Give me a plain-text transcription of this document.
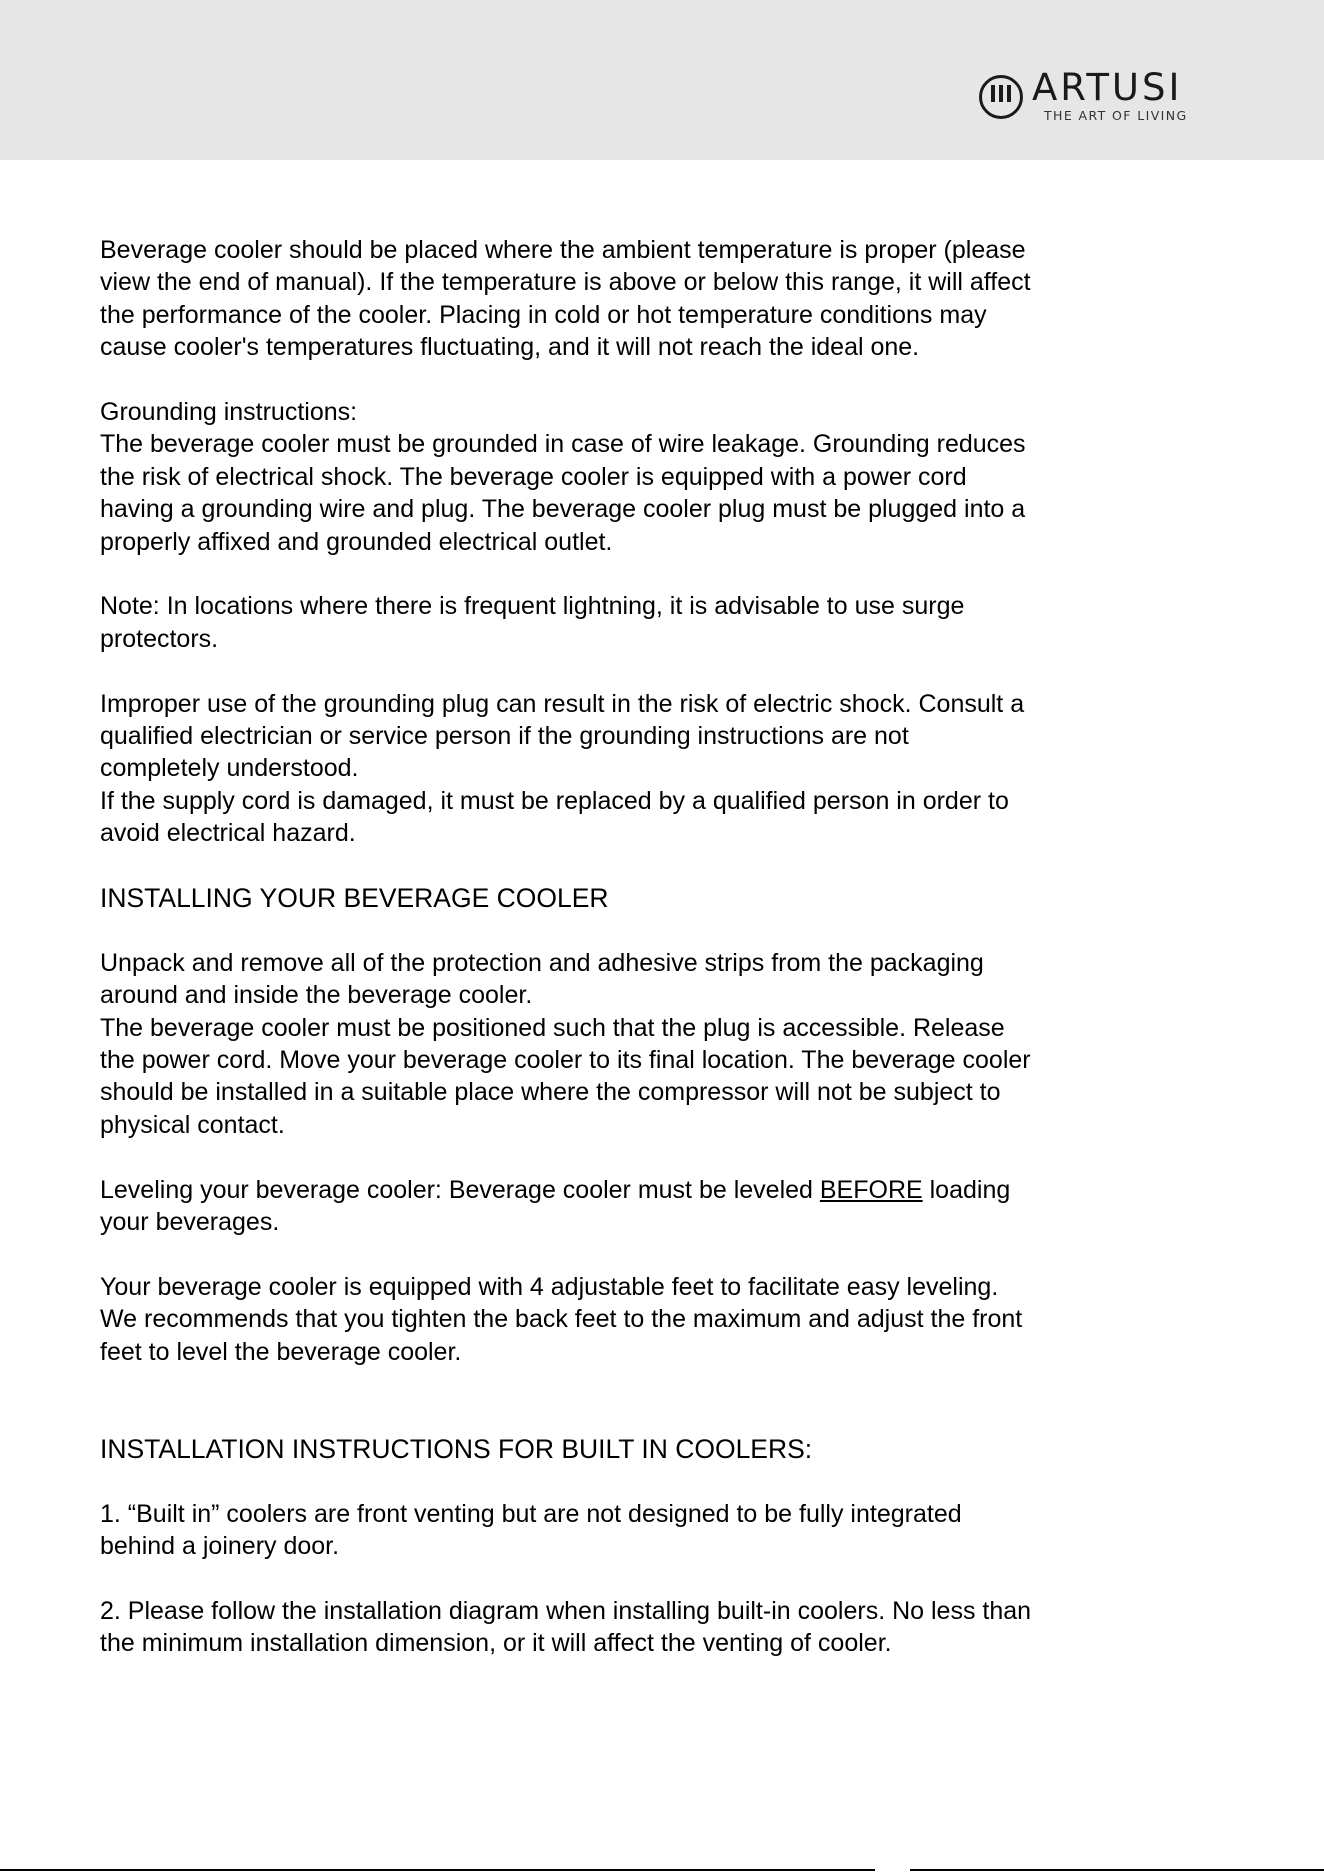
ARTUSI
THE ART OF LIVING
Beverage cooler should be placed where the ambient temperature is proper (please
view the end of manual). If the temperature is above or below this range, it will affect
the performance of the cooler. Placing in cold or hot temperature conditions may
cause cooler's temperatures fluctuating, and it will not reach the ideal one.
Grounding instructions:
The beverage cooler must be grounded in case of wire leakage. Grounding reduces
the risk of electrical shock. The beverage cooler is equipped with a power cord
having a grounding wire and plug. The beverage cooler plug must be plugged into a
properly affixed and grounded electrical outlet.
Note: In locations where there is frequent lightning, it is advisable to use surge
protectors.
Improper use of the grounding plug can result in the risk of electric shock. Consult a
qualified electrician or service person if the grounding instructions are not
completely understood.
If the supply cord is damaged, it must be replaced by a qualified person in order to
avoid electrical hazard.
INSTALLING YOUR BEVERAGE COOLER
Unpack and remove all of the protection and adhesive strips from the packaging
around and inside the beverage cooler.
The beverage cooler must be positioned such that the plug is accessible. Release
the power cord. Move your beverage cooler to its final location. The beverage cooler
should be installed in a suitable place where the compressor will not be subject to
physical contact.
Leveling your beverage cooler: Beverage cooler must be leveled BEFORE loading
your beverages.
Your beverage cooler is equipped with 4 adjustable feet to facilitate easy leveling.
We recommends that you tighten the back feet to the maximum and adjust the front
feet to level the beverage cooler.
INSTALLATION INSTRUCTIONS FOR BUILT IN COOLERS:
1. “Built in” coolers are front venting but are not designed to be fully integrated
behind a joinery door.
2. Please follow the installation diagram when installing built-in coolers. No less than
the minimum installation dimension, or it will affect the venting of cooler.
